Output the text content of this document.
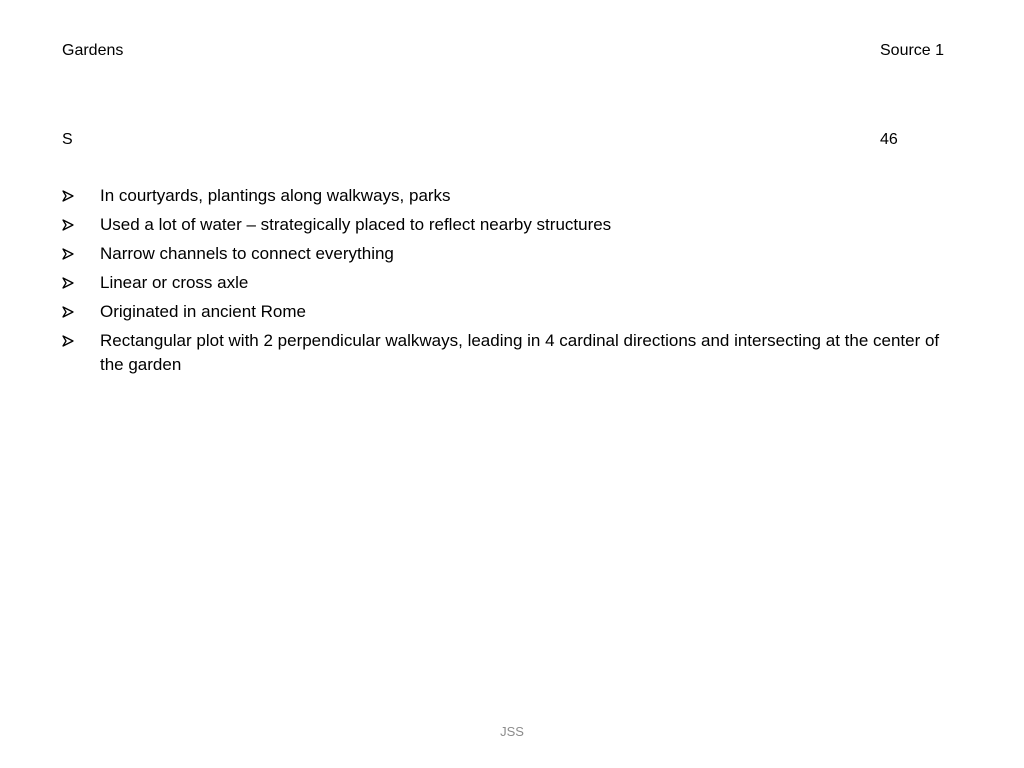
Gardens	Source 1
S	46
In courtyards, plantings along walkways, parks
Used a lot of water – strategically placed to reflect nearby structures
Narrow channels to connect everything
Linear or cross axle
Originated in ancient Rome
Rectangular plot with 2 perpendicular walkways, leading in 4 cardinal directions and intersecting at the center of the garden
JSS
